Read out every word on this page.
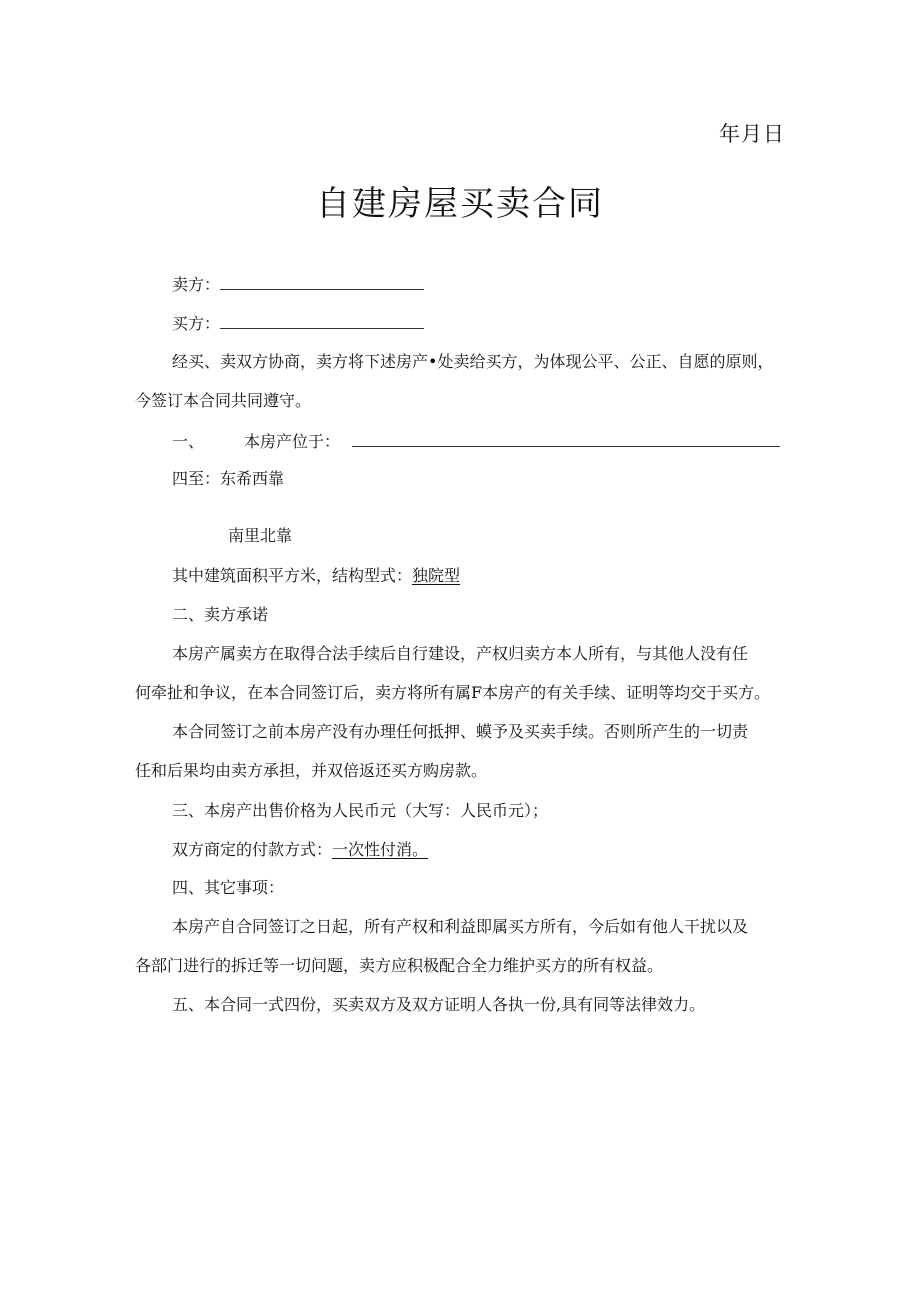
年月日
自建房屋买卖合同
卖方：
买方：
经买、卖双方协商，卖方将下述房产•处卖给买方，为体现公平、公正、自愿的原则，
今签订本合同共同遵守。
一、	本房产位于：
四至：东希西靠
南里北靠
其中建筑面积平方米，结构型式：独院型
二、卖方承诺
本房产属卖方在取得合法手续后自行建设，产权归卖方本人所有，与其他人没有任
何牵扯和争议，在本合同签订后，卖方将所有属F本房产的有关手续、证明等均交于买方。
本合同签订之前本房产没有办理任何抵押、蟆予及买卖手续。否则所产生的一切责
任和后果均由卖方承担，并双倍返还买方购房款。
三、本房产出售价格为人民币元（大写：人民币元）；
双方商定的付款方式：一次性付消。
四、其它事项：
本房产自合同签订之日起，所有产权和利益即属买方所有，今后如有他人干扰以及
各部门进行的拆迁等一切问题，卖方应积极配合全力维护买方的所有权益。
五、本合同一式四份，买卖双方及双方证明人各执一份,具有同等法律效力。
